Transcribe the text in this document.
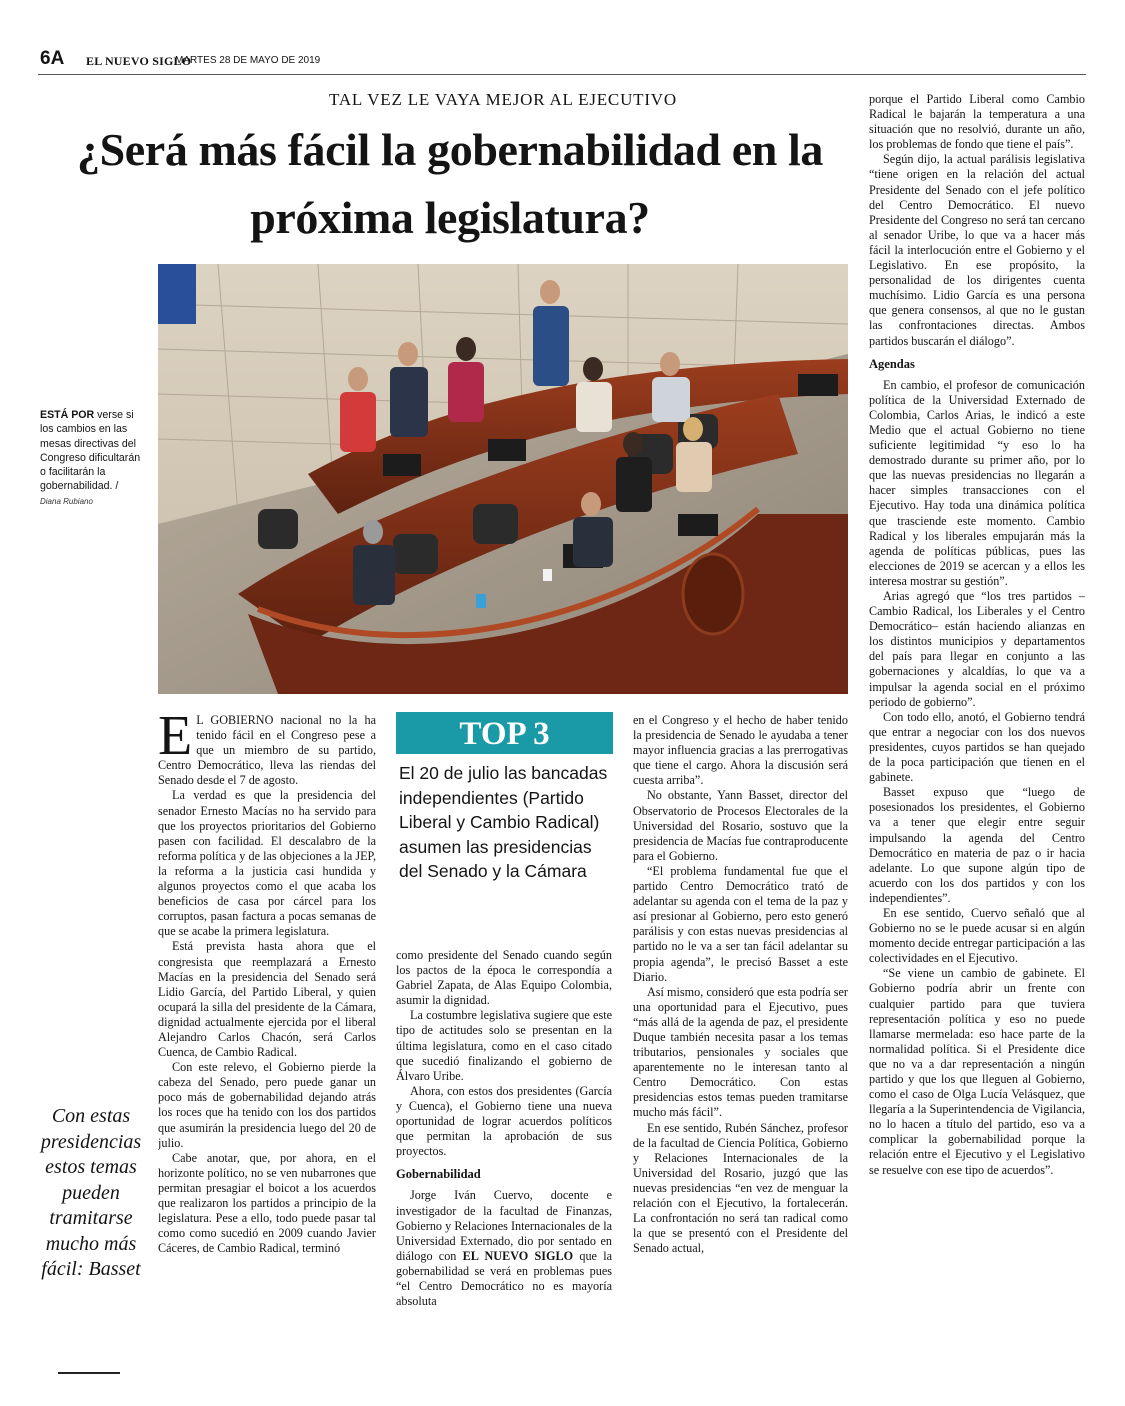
6A EL NUEVO SIGLO
MARTES 28 DE MAYO DE 2019
TAL VEZ LE VAYA MEJOR AL EJECUTIVO
¿Será más fácil la gobernabilidad en la próxima legislatura?
ESTÁ POR verse si los cambios en las mesas directivas del Congreso dificultarán o facilitarán la gobernabilidad. /
Diana Rubiano
Con estas presidencias estos temas pueden tramitarse mucho más fácil: Basset

E L GOBIERNO nacional no la ha tenido fácil en el Congreso pese a que un miembro de su partido, Centro Democrático, lleva las riendas del Senado desde el 7 de agosto.

La verdad es que la presidencia del senador Ernesto Macías no ha servido para que los proyectos prioritarios del Gobierno pasen con facilidad. El descalabro de la reforma política y de las objeciones a la JEP, la reforma a la justicia casi hundida y algunos proyectos como el que acaba los beneficios de casa por cárcel para los corruptos, pasan factura a pocas semanas de que se acabe la primera legislatura.

Está prevista hasta ahora que el congresista que reemplazará a Ernesto Macías en la presidencia del Senado será Lidio García, del Partido Liberal, y quien ocupará la silla del presidente de la Cámara, dignidad actualmente ejercida por el liberal Alejandro Carlos Chacón, será Carlos Cuenca, de Cambio Radical.

Con este relevo, el Gobierno pierde la cabeza del Senado, pero puede ganar un poco más de gobernabilidad dejando atrás los roces que ha tenido con los dos partidos que asumirán la presidencia luego del 20 de julio.

Cabe anotar, que, por ahora, en el horizonte político, no se ven nubarrones que permitan presagiar el boicot a los acuerdos que realizaron los partidos a principio de la legislatura. Pese a ello, todo puede pasar tal como como sucedió en 2009 cuando Javier Cáceres, de Cambio Radical, terminó

TOP 3
El 20 de julio las bancadas independientes (Partido Liberal y Cambio Radical) asumen las presidencias del Senado y la Cámara

como presidente del Senado cuando según los pactos de la época le correspondía a Gabriel Zapata, de Alas Equipo Colombia, asumir la dignidad.

La costumbre legislativa sugiere que este tipo de actitudes solo se presentan en la última legislatura, como en el caso citado que sucedió finalizando el gobierno de Álvaro Uribe.

Ahora, con estos dos presidentes (García y Cuenca), el Gobierno tiene una nueva oportunidad de lograr acuerdos políticos que permitan la aprobación de sus proyectos.

Gobernabilidad

Jorge Iván Cuervo, docente e investigador de la facultad de Finanzas, Gobierno y Relaciones Internacionales de la Universidad Externado, dio por sentado en diálogo con EL NUEVO SIGLO que la gobernabilidad se verá en problemas pues “el Centro Democrático no es mayoría absoluta

en el Congreso y el hecho de haber tenido la presidencia de Senado le ayudaba a tener mayor influencia gracias a las prerrogativas que tiene el cargo. Ahora la discusión será cuesta arriba”.

No obstante, Yann Basset, director del Observatorio de Procesos Electorales de la Universidad del Rosario, sostuvo que la presidencia de Macías fue contraproducente para el Gobierno.

“El problema fundamental fue que el partido Centro Democrático trató de adelantar su agenda con el tema de la paz y así presionar al Gobierno, pero esto generó parálisis y con estas nuevas presidencias al partido no le va a ser tan fácil adelantar su propia agenda”, le precisó Basset a este Diario.

Así mismo, consideró que esta podría ser una oportunidad para el Ejecutivo, pues “más allá de la agenda de paz, el presidente Duque también necesita pasar a los temas tributarios, pensionales y sociales que aparentemente no le interesan tanto al Centro Democrático. Con estas presidencias estos temas pueden tramitarse mucho más fácil”.

En ese sentido, Rubén Sánchez, profesor de la facultad de Ciencia Política, Gobierno y Relaciones Internacionales de la Universidad del Rosario, juzgó que las nuevas presidencias “en vez de menguar la relación con el Ejecutivo, la fortalecerán. La confrontación no será tan radical como la que se presentó con el Presidente del Senado actual,

porque el Partido Liberal como Cambio Radical le bajarán la temperatura a una situación que no resolvió, durante un año, los problemas de fondo que tiene el país”.

Según dijo, la actual parálisis legislativa “tiene origen en la relación del actual Presidente del Senado con el jefe político del Centro Democrático. El nuevo Presidente del Congreso no será tan cercano al senador Uribe, lo que va a hacer más fácil la interlocución entre el Gobierno y el Legislativo. En ese propósito, la personalidad de los dirigentes cuenta muchísimo. Lidio García es una persona que genera consensos, al que no le gustan las confrontaciones directas. Ambos partidos buscarán el diálogo”.

Agendas

En cambio, el profesor de comunicación política de la Universidad Externado de Colombia, Carlos Arias, le indicó a este Medio que el actual Gobierno no tiene suficiente legitimidad “y eso lo ha demostrado durante su primer año, por lo que las nuevas presidencias no llegarán a hacer simples transacciones con el Ejecutivo. Hay toda una dinámica política que trasciende este momento. Cambio Radical y los liberales empujarán más la agenda de políticas públicas, pues las elecciones de 2019 se acercan y a ellos les interesa mostrar su gestión”.

Arias agregó que “los tres partidos –Cambio Radical, los Liberales y el Centro Democrático– están haciendo alianzas en los distintos municipios y departamentos del país para llegar en conjunto a las gobernaciones y alcaldías, lo que va a impulsar la agenda social en el próximo periodo de gobierno”.

Con todo ello, anotó, el Gobierno tendrá que entrar a negociar con los dos nuevos presidentes, cuyos partidos se han quejado de la poca participación que tienen en el gabinete.

Basset expuso que “luego de posesionados los presidentes, el Gobierno va a tener que elegir entre seguir impulsando la agenda del Centro Democrático en materia de paz o ir hacia adelante. Lo que supone algún tipo de acuerdo con los dos partidos y con los independientes”.

En ese sentido, Cuervo señaló que al Gobierno no se le puede acusar si en algún momento decide entregar participación a las colectividades en el Ejecutivo.

“Se viene un cambio de gabinete. El Gobierno podría abrir un frente con cualquier partido para que tuviera representación política y eso no puede llamarse mermelada: eso hace parte de la normalidad política. Si el Presidente dice que no va a dar representación a ningún partido y que los que lleguen al Gobierno, como el caso de Olga Lucía Velásquez, que llegaría a la Superintendencia de Vigilancia, no lo hacen a título del partido, eso va a complicar la gobernabilidad porque la relación entre el Ejecutivo y el Legislativo se resuelve con ese tipo de acuerdos”.
